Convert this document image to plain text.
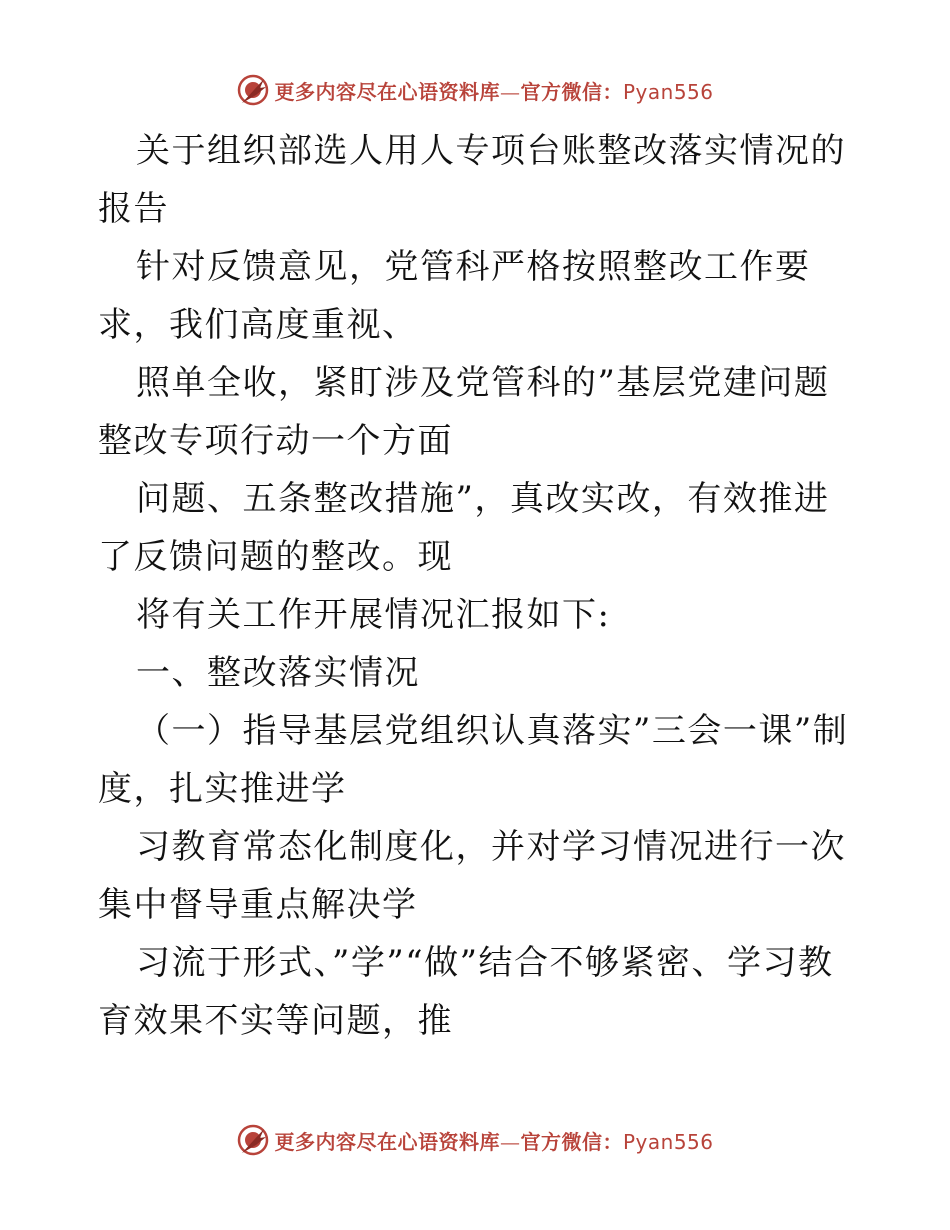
更多内容尽在心语资料库—官方微信：Pyan556

关于组织部选人用人专项台账整改落实情况的报告

针对反馈意见，党管科严格按照整改工作要求，我们高度重视、

照单全收，紧盯涉及党管科的”基层党建问题整改专项行动一个方面

问题、五条整改措施”，真改实改，有效推进了反馈问题的整改。现

将有关工作开展情况汇报如下:

一、整改落实情况

（一）指导基层党组织认真落实”三会一课”制度，扎实推进学

习教育常态化制度化，并对学习情况进行一次集中督导重点解决学

习流于形式、”学”“做”结合不够紧密、学习教育效果不实等问题，推

更多内容尽在心语资料库—官方微信：Pyan556
